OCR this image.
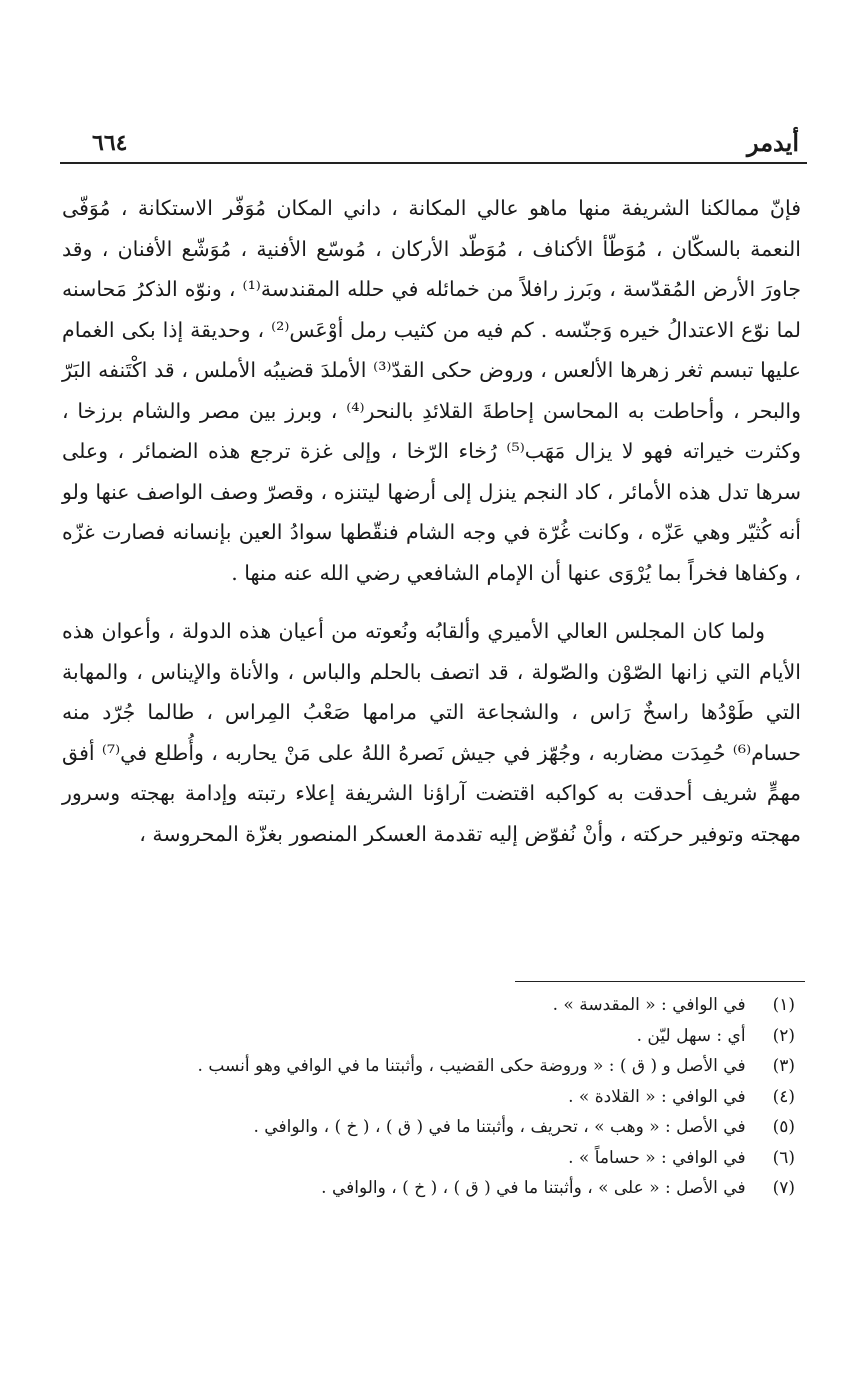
أيدمر
٦٦٤

فإنّ ممالكنا الشريفة منها ماهو عالي المكانة ، داني المكان مُوَفّر الاستكانة ، مُوَفّى النعمة بالسكّان ، مُوَطّأ الأكناف ، مُوَطّد الأركان ، مُوسّع الأفنية ، مُوَشّع الأفنان ، وقد جاورَ الأرض المُقدّسة ، وبَرز رافلاً من خمائله في حلله المقندسة⁽¹⁾ ، ونوّه الذكرُ مَحاسنه لما نوّع الاعتدالُ خيره وَجنّسه . كم فيه من كثيب رمل أوْعَس⁽²⁾ ، وحديقة إذا بكى الغمام عليها تبسم ثغر زهرها الألعس ، وروض حكى القدّ⁽³⁾ الأملدَ قضيبُه الأملس ، قد اكْتَنفه البَرّ والبحر ، وأحاطت به المحاسن إحاطةَ القلائدِ بالنحر⁽⁴⁾ ، وبرز بين مصر والشام برزخا ، وكثرت خيراته فهو لا يزال مَهَب⁽⁵⁾ رُخاء الرّخا ، وإلى غزة ترجع هذه الضمائر ، وعلى سرها تدل هذه الأمائر ، كاد النجم ينزل إلى أرضها ليتنزه ، وقصرّ وصف الواصف عنها ولو أنه كُثيّر وهي عَزّه ، وكانت غُرّة في وجه الشام فنقّطها سوادُ العين بإنسانه فصارت غزّه ، وكفاها فخراً بما يُرْوَى عنها أن الإمام الشافعي رضي الله عنه منها .

ولما كان المجلس العالي الأميري وألقابُه ونُعوته من أعيان هذه الدولة ، وأعوان هذه الأيام التي زانها الصّوْن والصّولة ، قد اتصف بالحلم والباس ، والأناة والإيناس ، والمهابة التي طَوْدُها راسخٌ رَاس ، والشجاعة التي مرامها صَعْبُ المِراس ، طالما جُرّد منه حسام⁽⁶⁾ حُمِدَت مضاربه ، وجُهّز في جيش نَصرهُ اللهُ على مَنْ يحاربه ، وأُطلع في⁽⁷⁾ أفق مهمٍّ شريف أحدقت به كواكبه اقتضت آراؤنا الشريفة إعلاء رتبته وإدامة بهجته وسرور مهجته وتوفير حركته ، وأنْ نُفوّض إليه تقدمة العسكر المنصور بغزّة المحروسة ،

(١) في الوافي : « المقدسة » .
(٢) أي : سهل ليّن .
(٣) في الأصل و ( ق ) : « وروضة حكى القضيب ، وأثبتنا ما في الوافي وهو أنسب .
(٤) في الوافي : « القلادة » .
(٥) في الأصل : « وهب » ، تحريف ، وأثبتنا ما في ( ق ) ، ( خ ) ، والوافي .
(٦) في الوافي : « حساماً » .
(٧) في الأصل : « على » ، وأثبتنا ما في ( ق ) ، ( خ ) ، والوافي .
